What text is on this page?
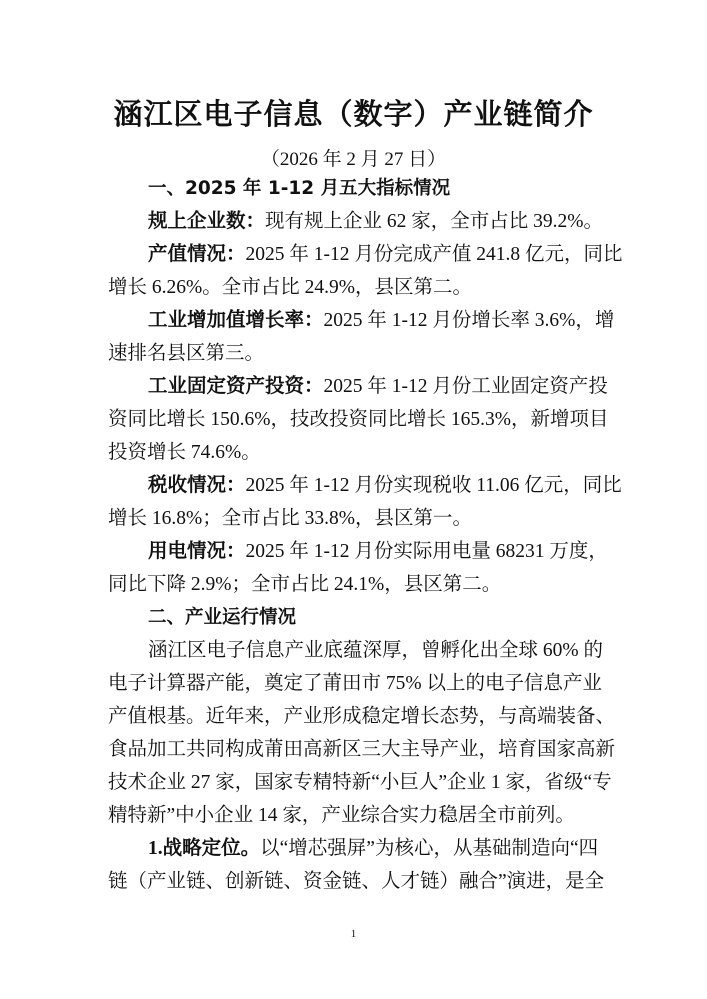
涵江区电子信息（数字）产业链简介
（2026 年 2 月 27 日）
一、2025 年 1-12 月五大指标情况
规上企业数：现有规上企业 62 家，全市占比 39.2%。
产值情况：2025 年 1-12 月份完成产值 241.8 亿元，同比
增长 6.26%。全市占比 24.9%，县区第二。
工业增加值增长率：2025 年 1-12 月份增长率 3.6%，增
速排名县区第三。
工业固定资产投资：2025 年 1-12 月份工业固定资产投
资同比增长 150.6%，技改投资同比增长 165.3%，新增项目
投资增长 74.6%。
税收情况：2025 年 1-12 月份实现税收 11.06 亿元，同比
增长 16.8%；全市占比 33.8%，县区第一。
用电情况：2025 年 1-12 月份实际用电量 68231 万度，
同比下降 2.9%；全市占比 24.1%，县区第二。
二、产业运行情况
涵江区电子信息产业底蕴深厚，曾孵化出全球 60% 的
电子计算器产能，奠定了莆田市 75% 以上的电子信息产业
产值根基。近年来，产业形成稳定增长态势，与高端装备、
食品加工共同构成莆田高新区三大主导产业，培育国家高新
技术企业 27 家，国家专精特新“小巨人”企业 1 家，省级“专
精特新”中小企业 14 家，产业综合实力稳居全市前列。
1.战略定位。以“增芯强屏”为核心，从基础制造向“四
链（产业链、创新链、资金链、人才链）融合”演进，是全
1
